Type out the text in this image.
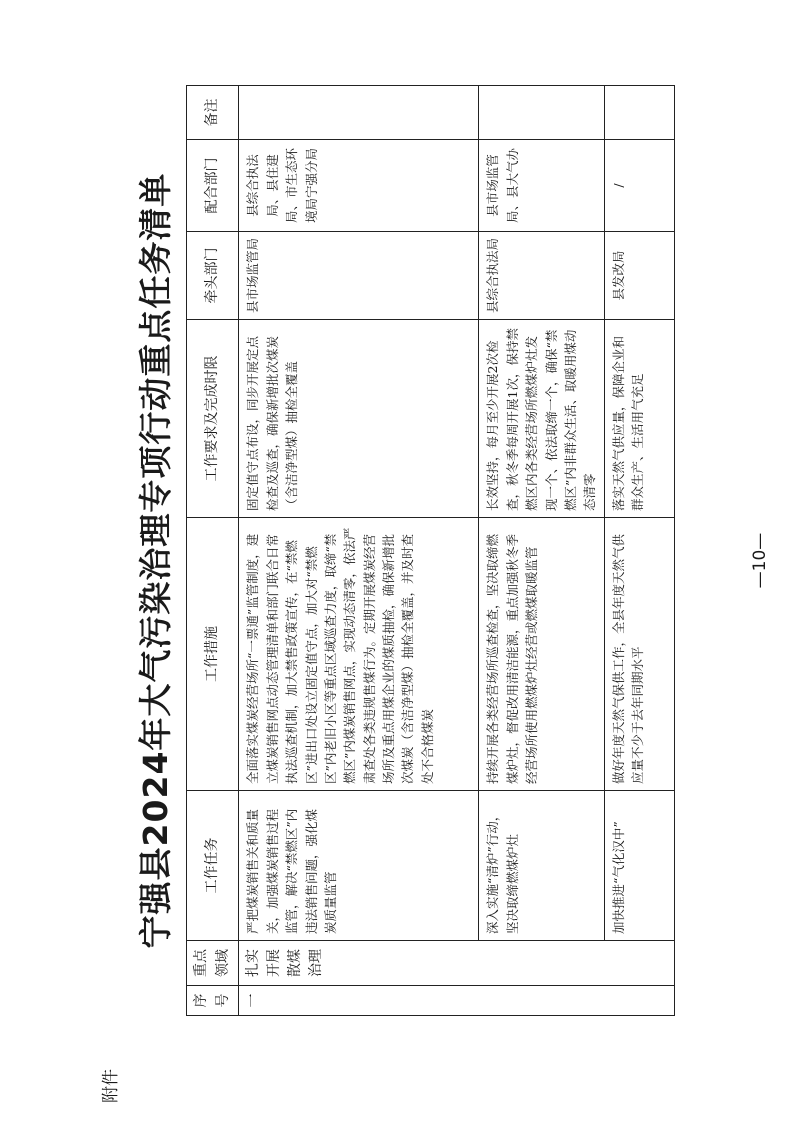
附件
宁强县2024年大气污染治理专项行动重点任务清单
序号	重点领域	工作任务	工作措施	工作要求及完成时限	牵头部门	配合部门	备注
一	扎实开展散煤治理	严把煤炭销售关和质量关，加强煤炭销售过程监管，解决“禁燃区”内违法销售问题，强化煤炭质量监管	全面落实煤炭经营场所“一票通”监管制度，建立煤炭销售网点动态管理清单和部门联合日常执法巡查机制，加大禁售政策宣传，在“禁燃区”进出口处设立固定值守点，加大对“禁燃区”内老旧小区等重点区域巡查力度，取缔“禁燃区”内煤炭销售网点，实现动态清零，依法严肃查处各类违规售煤行为。定期开展煤炭经营场所及重点用煤企业的煤质抽检，确保新增批次煤炭（含洁净型煤）抽检全覆盖，并及时查处不合格煤炭	固定值守点布设，同步开展定点检查及巡查，确保新增批次煤炭（含洁净型煤）抽检全覆盖	县市场监管局	县综合执法局、县住建局、市生态环境局宁强分局	
		深入实施“清炉”行动，坚决取缔燃煤炉灶	持续开展各类经营场所巡查检查，坚决取缔燃煤炉灶，督促改用清洁能源，重点加强秋冬季经营场所使用燃煤炉灶经营或燃煤取暖监管	长效坚持，每月至少开展2次检查，秋冬季每周开展1次，保持禁燃区内各类经营场所燃煤炉灶发现一个、依法取缔一个，确保“禁燃区”内非群众生活、取暖用煤动态清零	县综合执法局	县市场监管局、县大气办	
		加快推进“气化汉中”	做好年度天然气保供工作，全县年度天然气供应量不少于去年同期水平	落实天然气供应量，保障企业和群众生产、生活用气充足	县发改局	/	
—10—
